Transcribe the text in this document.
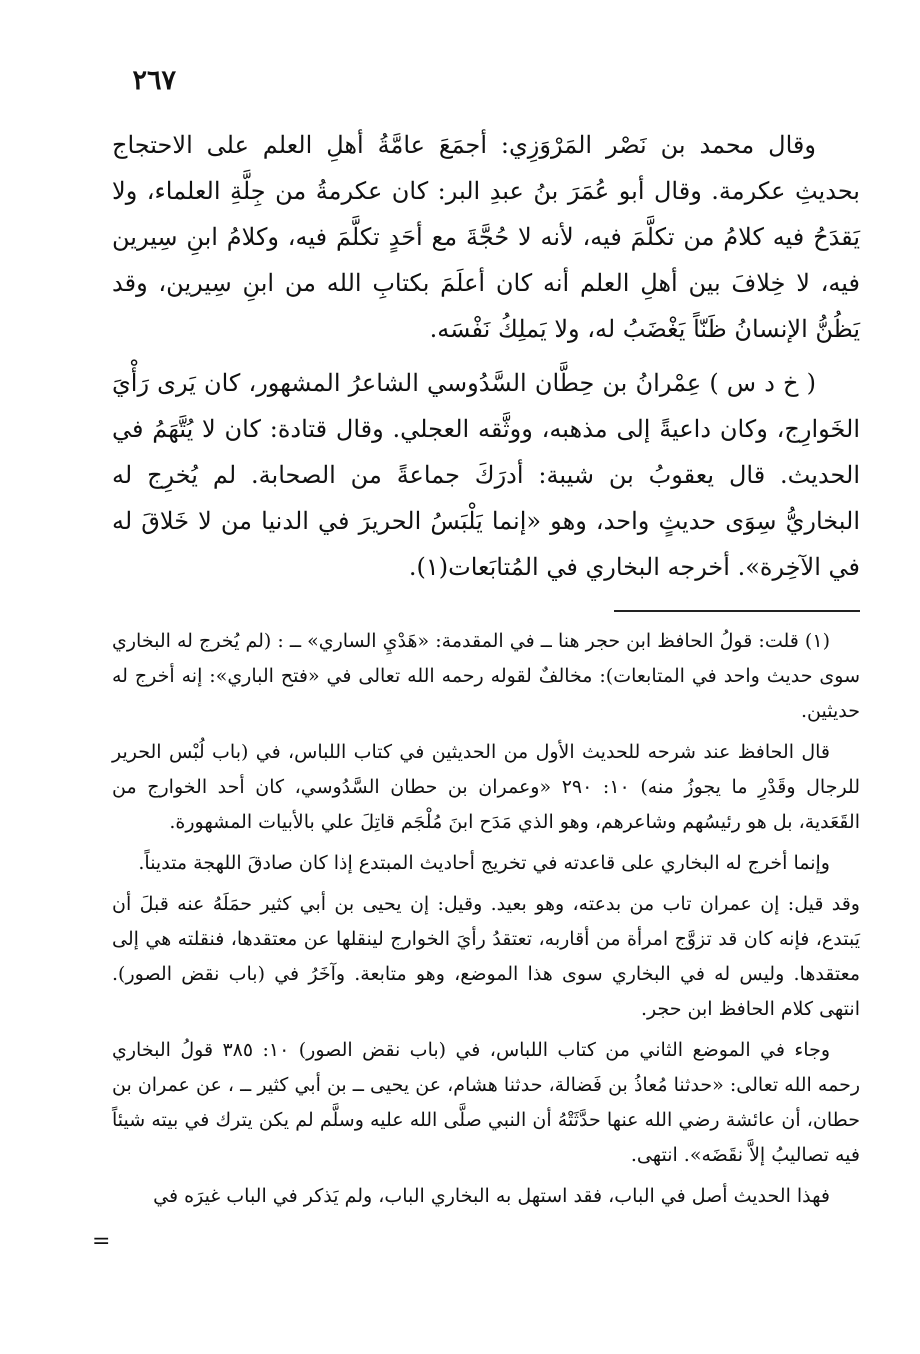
٢٦٧

وقال محمد بن نَصْر المَرْوَزِي: أجمَعَ عامَّةُ أهلِ العلم على الاحتجاج بحديثِ عكرمة. وقال أبو عُمَرَ بنُ عبدِ البر: كان عكرمةُ من جِلَّةِ العلماء، ولا يَقدَحُ فيه كلامُ من تكلَّمَ فيه، لأنه لا حُجَّةَ مع أحَدٍ تكلَّمَ فيه، وكلامُ ابنِ سِيرين فيه، لا خِلافَ بين أهلِ العلم أنه كان أعلَمَ بكتابِ الله من ابنِ سِيرين، وقد يَظُنُّ الإنسانُ ظَنّاً يَغْضَبُ له، ولا يَملِكُ نَفْسَه.

( خ د س ) عِمْرانُ بن حِطَّان السَّدُوسي الشاعرُ المشهور، كان يَرى رَأْيَ الخَوارِج، وكان داعيةً إلى مذهبه، ووثَّقه العجلي. وقال قتادة: كان لا يُتَّهَمُ في الحديث. قال يعقوبُ بن شيبة: أدرَكَ جماعةً من الصحابة. لم يُخرِج له البخاريُّ سِوَى حديثٍ واحد، وهو «إنما يَلْبَسُ الحريرَ في الدنيا من لا خَلاقَ له في الآخِرة». أخرجه البخاري في المُتابَعات(١).

(١) قلت: قولُ الحافظ ابن حجر هنا ــ في المقدمة: «هَدْيِ الساري» ــ : (لم يُخرج له البخاري سوى حديث واحد في المتابعات): مخالفٌ لقوله رحمه الله تعالى في «فتح الباري»: إنه أخرج له حديثين.

قال الحافظ عند شرحه للحديث الأول من الحديثين في كتاب اللباس، في (باب لُبْس الحرير للرجال وقَدْرِ ما يجوزُ منه) ١٠: ٢٩٠ «وعمران بن حطان السَّدُوسي، كان أحد الخوارج من القَعَدية، بل هو رئيسُهم وشاعرهم، وهو الذي مَدَح ابنَ مُلْجَم قاتِلَ علي بالأبيات المشهورة.

وإنما أخرج له البخاري على قاعدته في تخريج أحاديث المبتدع إذا كان صادقَ اللهجة متديناً.

وقد قيل: إن عمران تاب من بدعته، وهو بعيد. وقيل: إن يحيى بن أبي كثير حمَلَهُ عنه قبلَ أن يَبتدع، فإنه كان قد تزوَّج امرأة من أقاربه، تعتقدُ رأيَ الخوارج لينقلها عن معتقدها، فنقلته هي إلى معتقدها. وليس له في البخاري سوى هذا الموضع، وهو متابعة. وآخَرُ في (باب نقض الصور). انتهى كلام الحافظ ابن حجر.

وجاء في الموضع الثاني من كتاب اللباس، في (باب نقض الصور) ١٠: ٣٨٥ قولُ البخاري رحمه الله تعالى: «حدثنا مُعاذُ بن فَضالة، حدثنا هشام، عن يحيى ــ بن أبي كثير ــ ، عن عمران بن حطان، أن عائشة رضي الله عنها حدَّثَتْهُ أن النبي صلَّى الله عليه وسلَّم لم يكن يترك في بيته شيئاً فيه تصاليبُ إلاَّ نقَضَه». انتهى.

فهذا الحديث أصل في الباب، فقد استهل به البخاري الباب، ولم يَذكر في الباب غيرَه في

=
